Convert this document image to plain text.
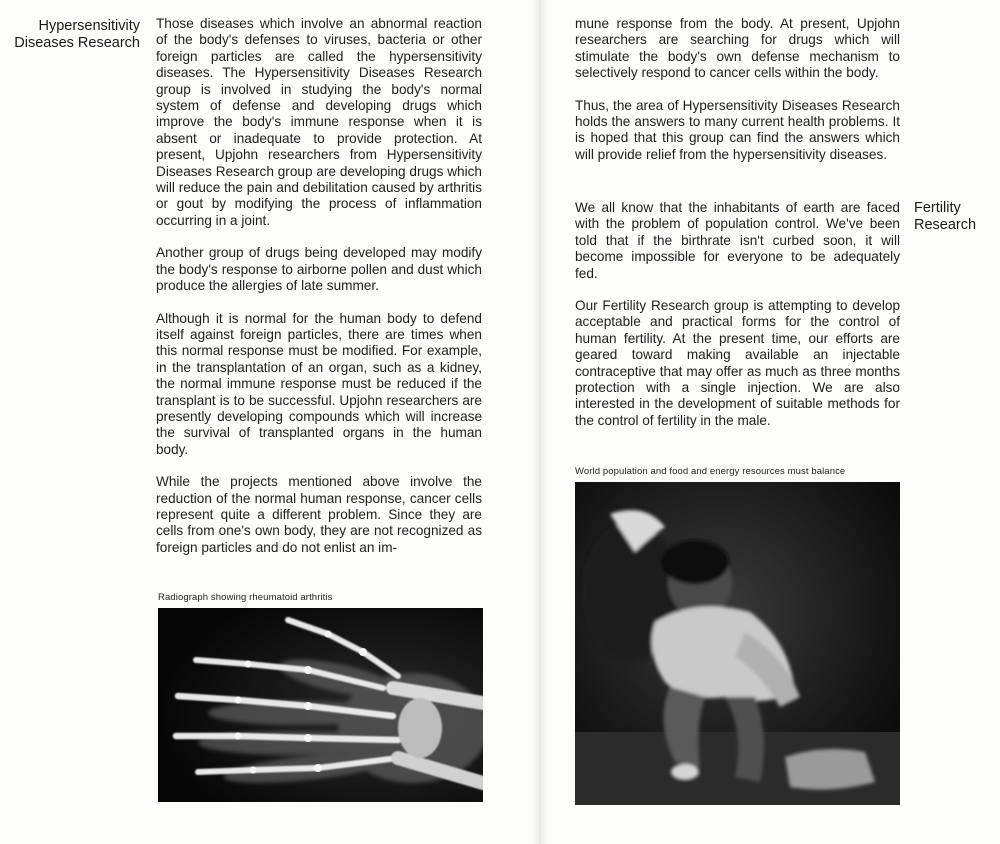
Hypersensitivity
Diseases Research

Those diseases which involve an abnormal reaction of the body's defenses to viruses, bacteria or other foreign particles are called the hypersensitivity diseases. The Hypersensitivity Diseases Research group is involved in studying the body's normal system of defense and developing drugs which improve the body's immune response when it is absent or inadequate to provide protection. At present, Upjohn researchers from Hypersensitivity Diseases Research group are developing drugs which will reduce the pain and debilitation caused by arthritis or gout by modifying the process of inflammation occurring in a joint.

Another group of drugs being developed may modify the body's response to airborne pollen and dust which produce the allergies of late summer.

Although it is normal for the human body to defend itself against foreign particles, there are times when this normal response must be modified. For example, in the transplantation of an organ, such as a kidney, the normal immune response must be reduced if the transplant is to be successful. Upjohn researchers are presently developing compounds which will increase the survival of transplanted organs in the human body.

While the projects mentioned above involve the reduction of the normal human response, cancer cells represent quite a different problem. Since they are cells from one's own body, they are not recognized as foreign particles and do not enlist an im-

Radiograph showing rheumatoid arthritis

mune response from the body. At present, Upjohn researchers are searching for drugs which will stimulate the body's own defense mechanism to selectively respond to cancer cells within the body.

Thus, the area of Hypersensitivity Diseases Research holds the answers to many current health problems. It is hoped that this group can find the answers which will provide relief from the hypersensitivity diseases.

Fertility
Research

We all know that the inhabitants of earth are faced with the problem of population control. We've been told that if the birthrate isn't curbed soon, it will become impossible for everyone to be adequately fed.

Our Fertility Research group is attempting to develop acceptable and practical forms for the control of human fertility. At the present time, our efforts are geared toward making available an injectable contraceptive that may offer as much as three months protection with a single injection. We are also interested in the development of suitable methods for the control of fertility in the male.

World population and food and energy resources must balance
